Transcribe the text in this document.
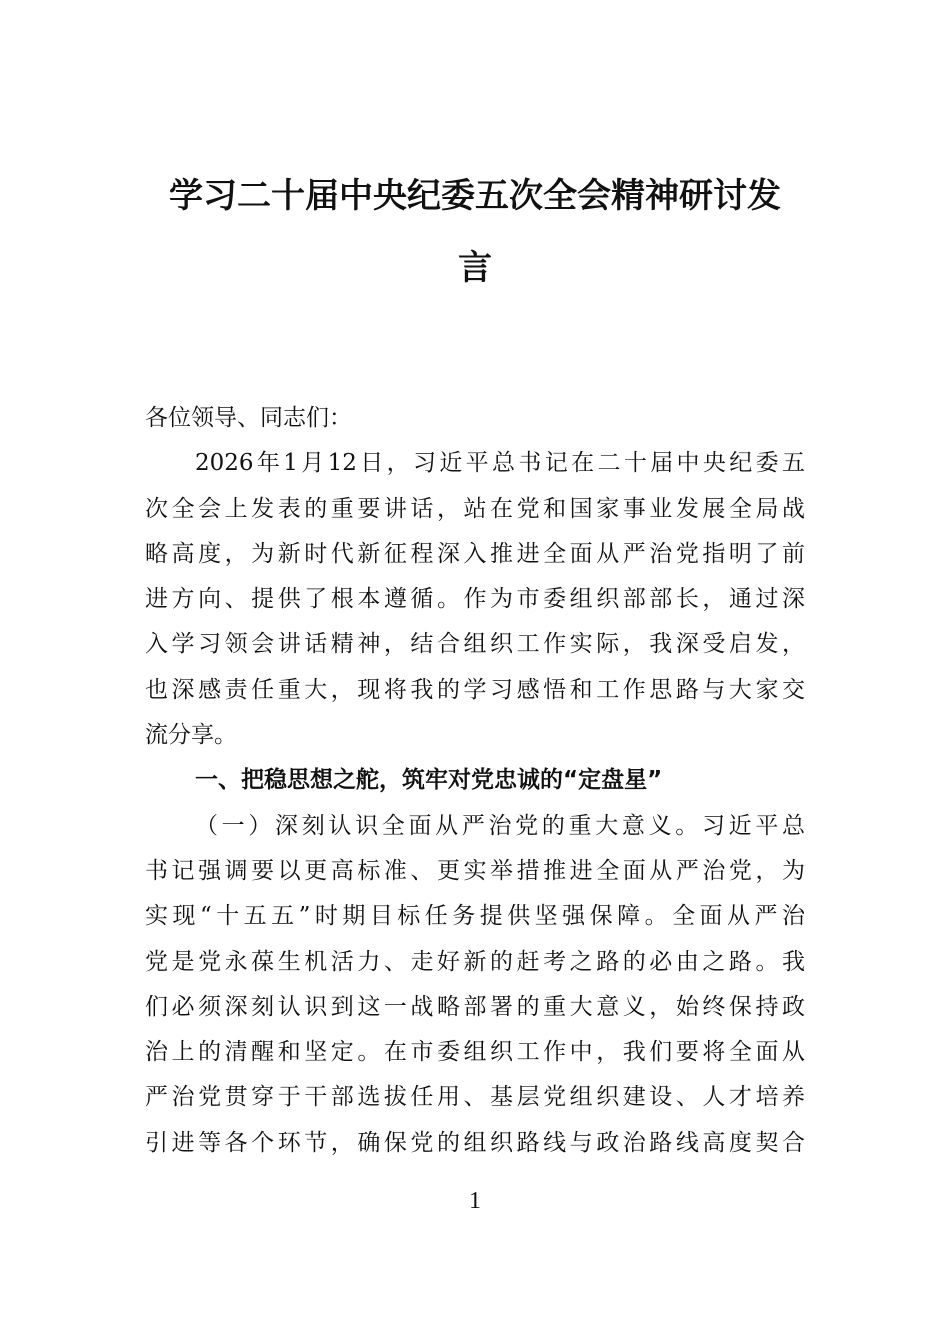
学习二十届中央纪委五次全会精神研讨发
言
各位领导、同志们：
2026年1月12日，习近平总书记在二十届中央纪委五
次全会上发表的重要讲话，站在党和国家事业发展全局战
略高度，为新时代新征程深入推进全面从严治党指明了前
进方向、提供了根本遵循。作为市委组织部部长，通过深
入学习领会讲话精神，结合组织工作实际，我深受启发，
也深感责任重大，现将我的学习感悟和工作思路与大家交
流分享。
一、把稳思想之舵，筑牢对党忠诚的“定盘星”
（一）深刻认识全面从严治党的重大意义。习近平总
书记强调要以更高标准、更实举措推进全面从严治党，为
实现“十五五”时期目标任务提供坚强保障。全面从严治
党是党永葆生机活力、走好新的赶考之路的必由之路。我
们必须深刻认识到这一战略部署的重大意义，始终保持政
治上的清醒和坚定。在市委组织工作中，我们要将全面从
严治党贯穿于干部选拔任用、基层党组织建设、人才培养
引进等各个环节，确保党的组织路线与政治路线高度契合
1
